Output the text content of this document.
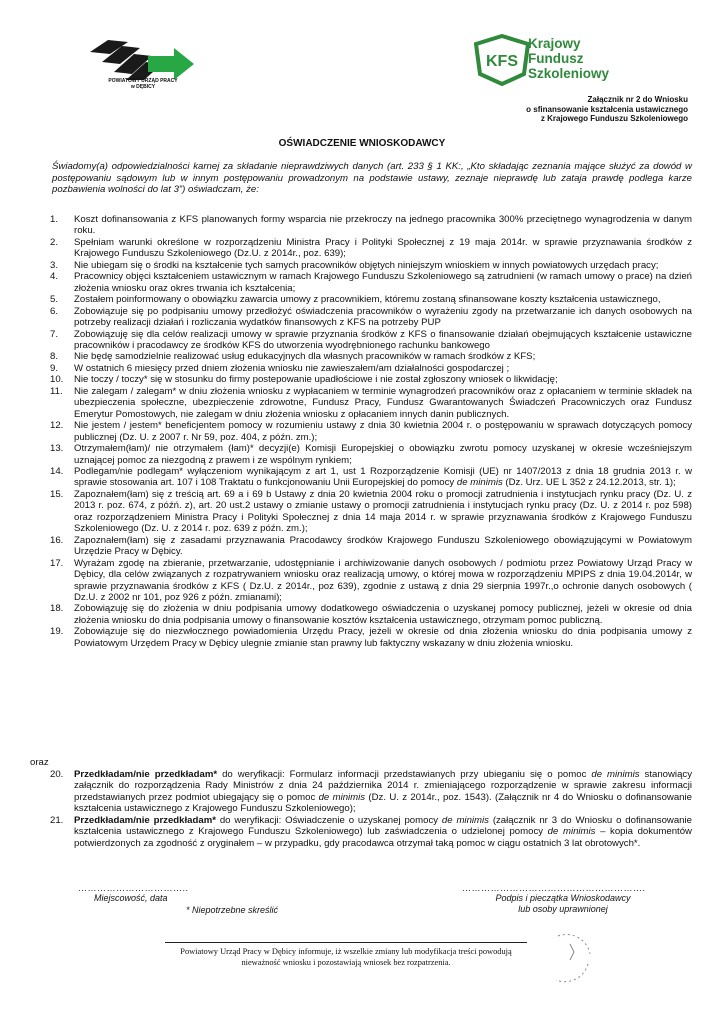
POWIATOWY URZĄD PRACY
w DĘBICY
KFS
Krajowy
Fundusz
Szkoleniowy
Załącznik nr 2 do Wniosku
o sfinansowanie kształcenia ustawicznego
z Krajowego Funduszu Szkoleniowego
OŚWIADCZENIE WNIOSKODAWCY
Świadomy(a) odpowiedzialności karnej za składanie nieprawdziwych danych (art. 233 § 1 KK:, „Kto składając zeznania mające służyć za dowód w postępowaniu sądowym lub w innym postępowaniu prowadzonym na podstawie ustawy, zeznaje nieprawdę lub zataja prawdę podlega karze pozbawienia wolności do lat 3”) oświadczam, że:
1. Koszt dofinansowania z KFS planowanych formy wsparcia nie przekroczy na jednego pracownika 300% przeciętnego wynagrodzenia w danym roku.
2. Spełniam warunki określone w rozporządzeniu Ministra Pracy i Polityki Społecznej z 19 maja 2014r. w sprawie przyznawania środków z Krajowego Funduszu Szkoleniowego (Dz.U. z 2014r., poz. 639);
3. Nie ubiegam się o środki na kształcenie tych samych pracowników objętych niniejszym wnioskiem w innych powiatowych urzędach pracy;
4. Pracownicy objęci kształceniem ustawicznym w ramach Krajowego Funduszu Szkoleniowego są zatrudnieni (w ramach umowy o prace) na dzień złożenia wniosku oraz okres trwania ich kształcenia;
5. Zostałem poinformowany o obowiązku zawarcia umowy z pracownikiem, któremu zostaną sfinansowane koszty kształcenia ustawicznego,
6. Zobowiązuje się po podpisaniu umowy przedłożyć oświadczenia pracowników o wyrażeniu zgody na przetwarzanie ich danych osobowych na potrzeby realizacji działań i rozliczania wydatków finansowych z KFS na potrzeby PUP
7. Zobowiązuję się dla celów realizacji umowy w sprawie przyznania środków z KFS o finansowanie działań obejmujących kształcenie ustawiczne pracowników i pracodawcy ze środków KFS do utworzenia wyodrębnionego rachunku bankowego
8. Nie będę samodzielnie realizować usług edukacyjnych dla własnych pracowników w ramach środków z KFS;
9. W ostatnich 6 miesięcy przed dniem złożenia wniosku nie zawieszałem/am działalności gospodarczej ;
10. Nie toczy / toczy* się w stosunku do firmy postepowanie upadłościowe i nie został zgłoszony wniosek o likwidację;
11. Nie zalegam / zalegam* w dniu złożenia wniosku z wypłacaniem w terminie wynagrodzeń pracowników oraz z opłacaniem w terminie składek na ubezpieczenia społeczne, ubezpieczenie zdrowotne, Fundusz Pracy, Fundusz Gwarantowanych Świadczeń Pracowniczych oraz Fundusz Emerytur Pomostowych, nie zalegam w dniu złożenia wniosku z opłacaniem innych danin publicznych.
12. Nie jestem / jestem* beneficjentem pomocy w rozumieniu ustawy z dnia 30 kwietnia 2004 r. o postępowaniu w sprawach dotyczących pomocy publicznej (Dz. U. z 2007 r. Nr 59, poz. 404, z późn. zm.);
13. Otrzymałem(łam)/ nie otrzymałem (łam)* decyzji(e) Komisji Europejskiej o obowiązku zwrotu pomocy uzyskanej w okresie wcześniejszym uznającej pomoc za niezgodną z prawem i ze wspólnym rynkiem;
14. Podlegam/nie podlegam* wyłączeniom wynikającym z art 1, ust 1 Rozporządzenie Komisji (UE) nr 1407/2013 z dnia 18 grudnia 2013 r. w sprawie stosowania art. 107 i 108 Traktatu o funkcjonowaniu Unii Europejskiej do pomocy de minimis (Dz. Urz. UE L 352 z 24.12.2013, str. 1);
15. Zapoznałem(łam) się z treścią art. 69 a i 69 b Ustawy z dnia 20 kwietnia 2004 roku o promocji zatrudnienia i instytucjach rynku pracy (Dz. U. z 2013 r. poz. 674, z późń. z), art. 20 ust.2 ustawy o zmianie ustawy o promocji zatrudnienia i instytucjach rynku pracy (Dz. U. z 2014 r. poz 598) oraz rozporządzeniem Ministra Pracy i Polityki Społecznej z dnia 14 maja 2014 r. w sprawie przyznawania środków z Krajowego Funduszu Szkoleniowego (Dz. U. z 2014 r. poz. 639 z późn. zm.);
16. Zapoznałem(łam) się z zasadami przyznawania Pracodawcy środków Krajowego Funduszu Szkoleniowego obowiązującymi w Powiatowym Urzędzie Pracy w Dębicy.
17. Wyrażam zgodę na zbieranie, przetwarzanie, udostępnianie i archiwizowanie danych osobowych / podmiotu przez Powiatowy Urząd Pracy w Dębicy, dla celów związanych z rozpatrywaniem wniosku oraz realizacją umowy, o której mowa w rozporządzeniu MPIPS z dnia 19.04.2014r, w sprawie przyznawania środków z KFS ( Dz.U. z 2014r., poz 639), zgodnie z ustawą z dnia 29 sierpnia 1997r.,o ochronie danych osobowych ( Dz.U. z 2002 nr 101, poz 926 z późn. zmianami);
18. Zobowiązuję się do złożenia w dniu podpisania umowy dodatkowego oświadczenia o uzyskanej pomocy publicznej, jeżeli w okresie od dnia złożenia wniosku do dnia podpisania umowy o finansowanie kosztów kształcenia ustawicznego, otrzymam pomoc publiczną.
19. Zobowiązuje się do niezwłocznego powiadomienia Urzędu Pracy, jeżeli w okresie od dnia złożenia wniosku do dnia podpisania umowy z Powiatowym Urzędem Pracy w Dębicy ulegnie zmianie stan prawny lub faktyczny wskazany w dniu złożenia wniosku.
oraz
20. Przedkładam/nie przedkładam* do weryfikacji: Formularz informacji przedstawianych przy ubieganiu się o pomoc de minimis stanowiący załącznik do rozporządzenia Rady Ministrów z dnia 24 października 2014 r. zmieniającego rozporządzenie w sprawie zakresu informacji przedstawianych przez podmiot ubiegający się o pomoc de minimis (Dz. U. z 2014r., poz. 1543). (Załącznik nr 4 do Wniosku o dofinansowanie kształcenia ustawicznego z Krajowego Funduszu Szkoleniowego);
21. Przedkładam/nie przedkładam* do weryfikacji: Oświadczenie o uzyskanej pomocy de minimis (załącznik nr 3 do Wniosku o dofinansowanie kształcenia ustawicznego z Krajowego Funduszu Szkoleniowego) lub zaświadczenia o udzielonej pomocy de minimis – kopia dokumentów potwierdzonych za zgodność z oryginałem – w przypadku, gdy pracodawca otrzymał taką pomoc w ciągu ostatnich 3 lat obrotowych*.
……………………………..	………………………………………………….
Miejscowość, data
* Niepotrzebne skreślić
Podpis i pieczątka Wnioskodawcy
lub osoby uprawnionej
Powiatowy Urząd Pracy w Dębicy informuje, iż wszelkie zmiany lub modyfikacja treści powodują
nieważność wniosku i pozostawiają wniosek bez rozpatrzenia.
